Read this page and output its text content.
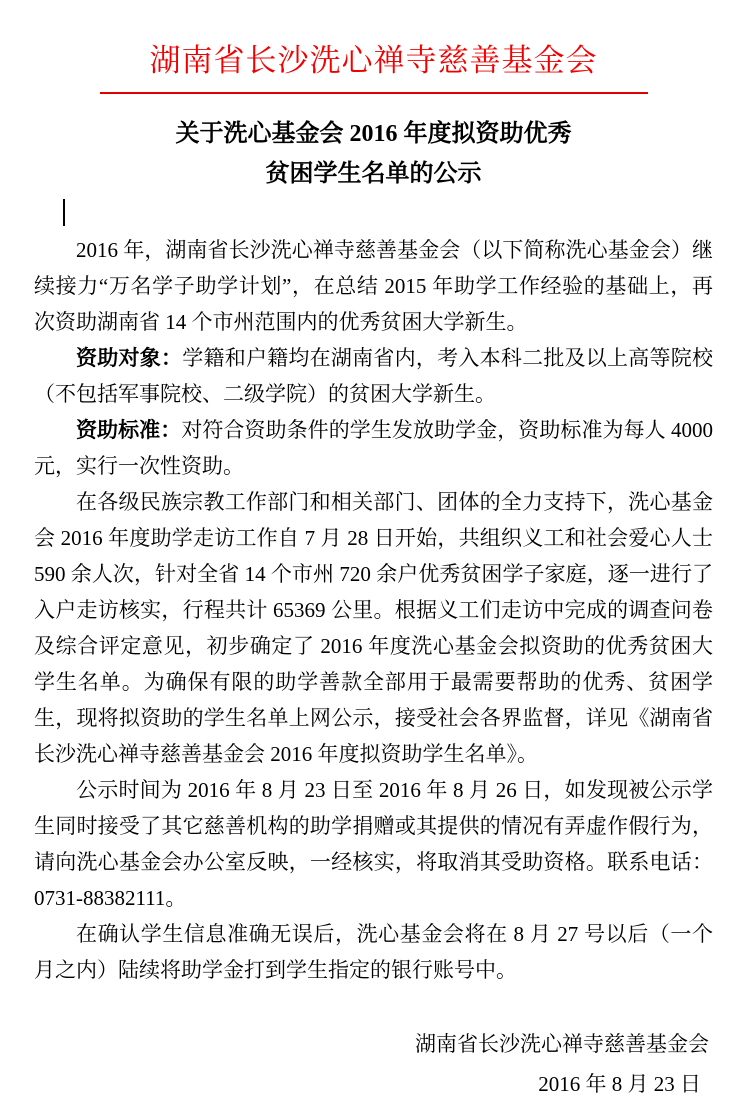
湖南省长沙洗心禅寺慈善基金会
关于洗心基金会 2016 年度拟资助优秀
贫困学生名单的公示

2016 年，湖南省长沙洗心禅寺慈善基金会（以下简称洗心基金会）继续接力“万名学子助学计划”，在总结 2015 年助学工作经验的基础上，再次资助湖南省 14 个市州范围内的优秀贫困大学新生。

资助对象：学籍和户籍均在湖南省内，考入本科二批及以上高等院校（不包括军事院校、二级学院）的贫困大学新生。

资助标准：对符合资助条件的学生发放助学金，资助标准为每人 4000 元，实行一次性资助。

在各级民族宗教工作部门和相关部门、团体的全力支持下，洗心基金会 2016 年度助学走访工作自 7 月 28 日开始，共组织义工和社会爱心人士 590 余人次，针对全省 14 个市州 720 余户优秀贫困学子家庭，逐一进行了入户走访核实，行程共计 65369 公里。根据义工们走访中完成的调查问卷及综合评定意见，初步确定了 2016 年度洗心基金会拟资助的优秀贫困大学生名单。为确保有限的助学善款全部用于最需要帮助的优秀、贫困学生，现将拟资助的学生名单上网公示，接受社会各界监督，详见《湖南省长沙洗心禅寺慈善基金会 2016 年度拟资助学生名单》。

公示时间为 2016 年 8 月 23 日至 2016 年 8 月 26 日，如发现被公示学生同时接受了其它慈善机构的助学捐赠或其提供的情况有弄虚作假行为，请向洗心基金会办公室反映，一经核实，将取消其受助资格。联系电话：0731-88382111。

在确认学生信息准确无误后，洗心基金会将在 8 月 27 号以后（一个月之内）陆续将助学金打到学生指定的银行账号中。

湖南省长沙洗心禅寺慈善基金会
2016 年 8 月 23 日
